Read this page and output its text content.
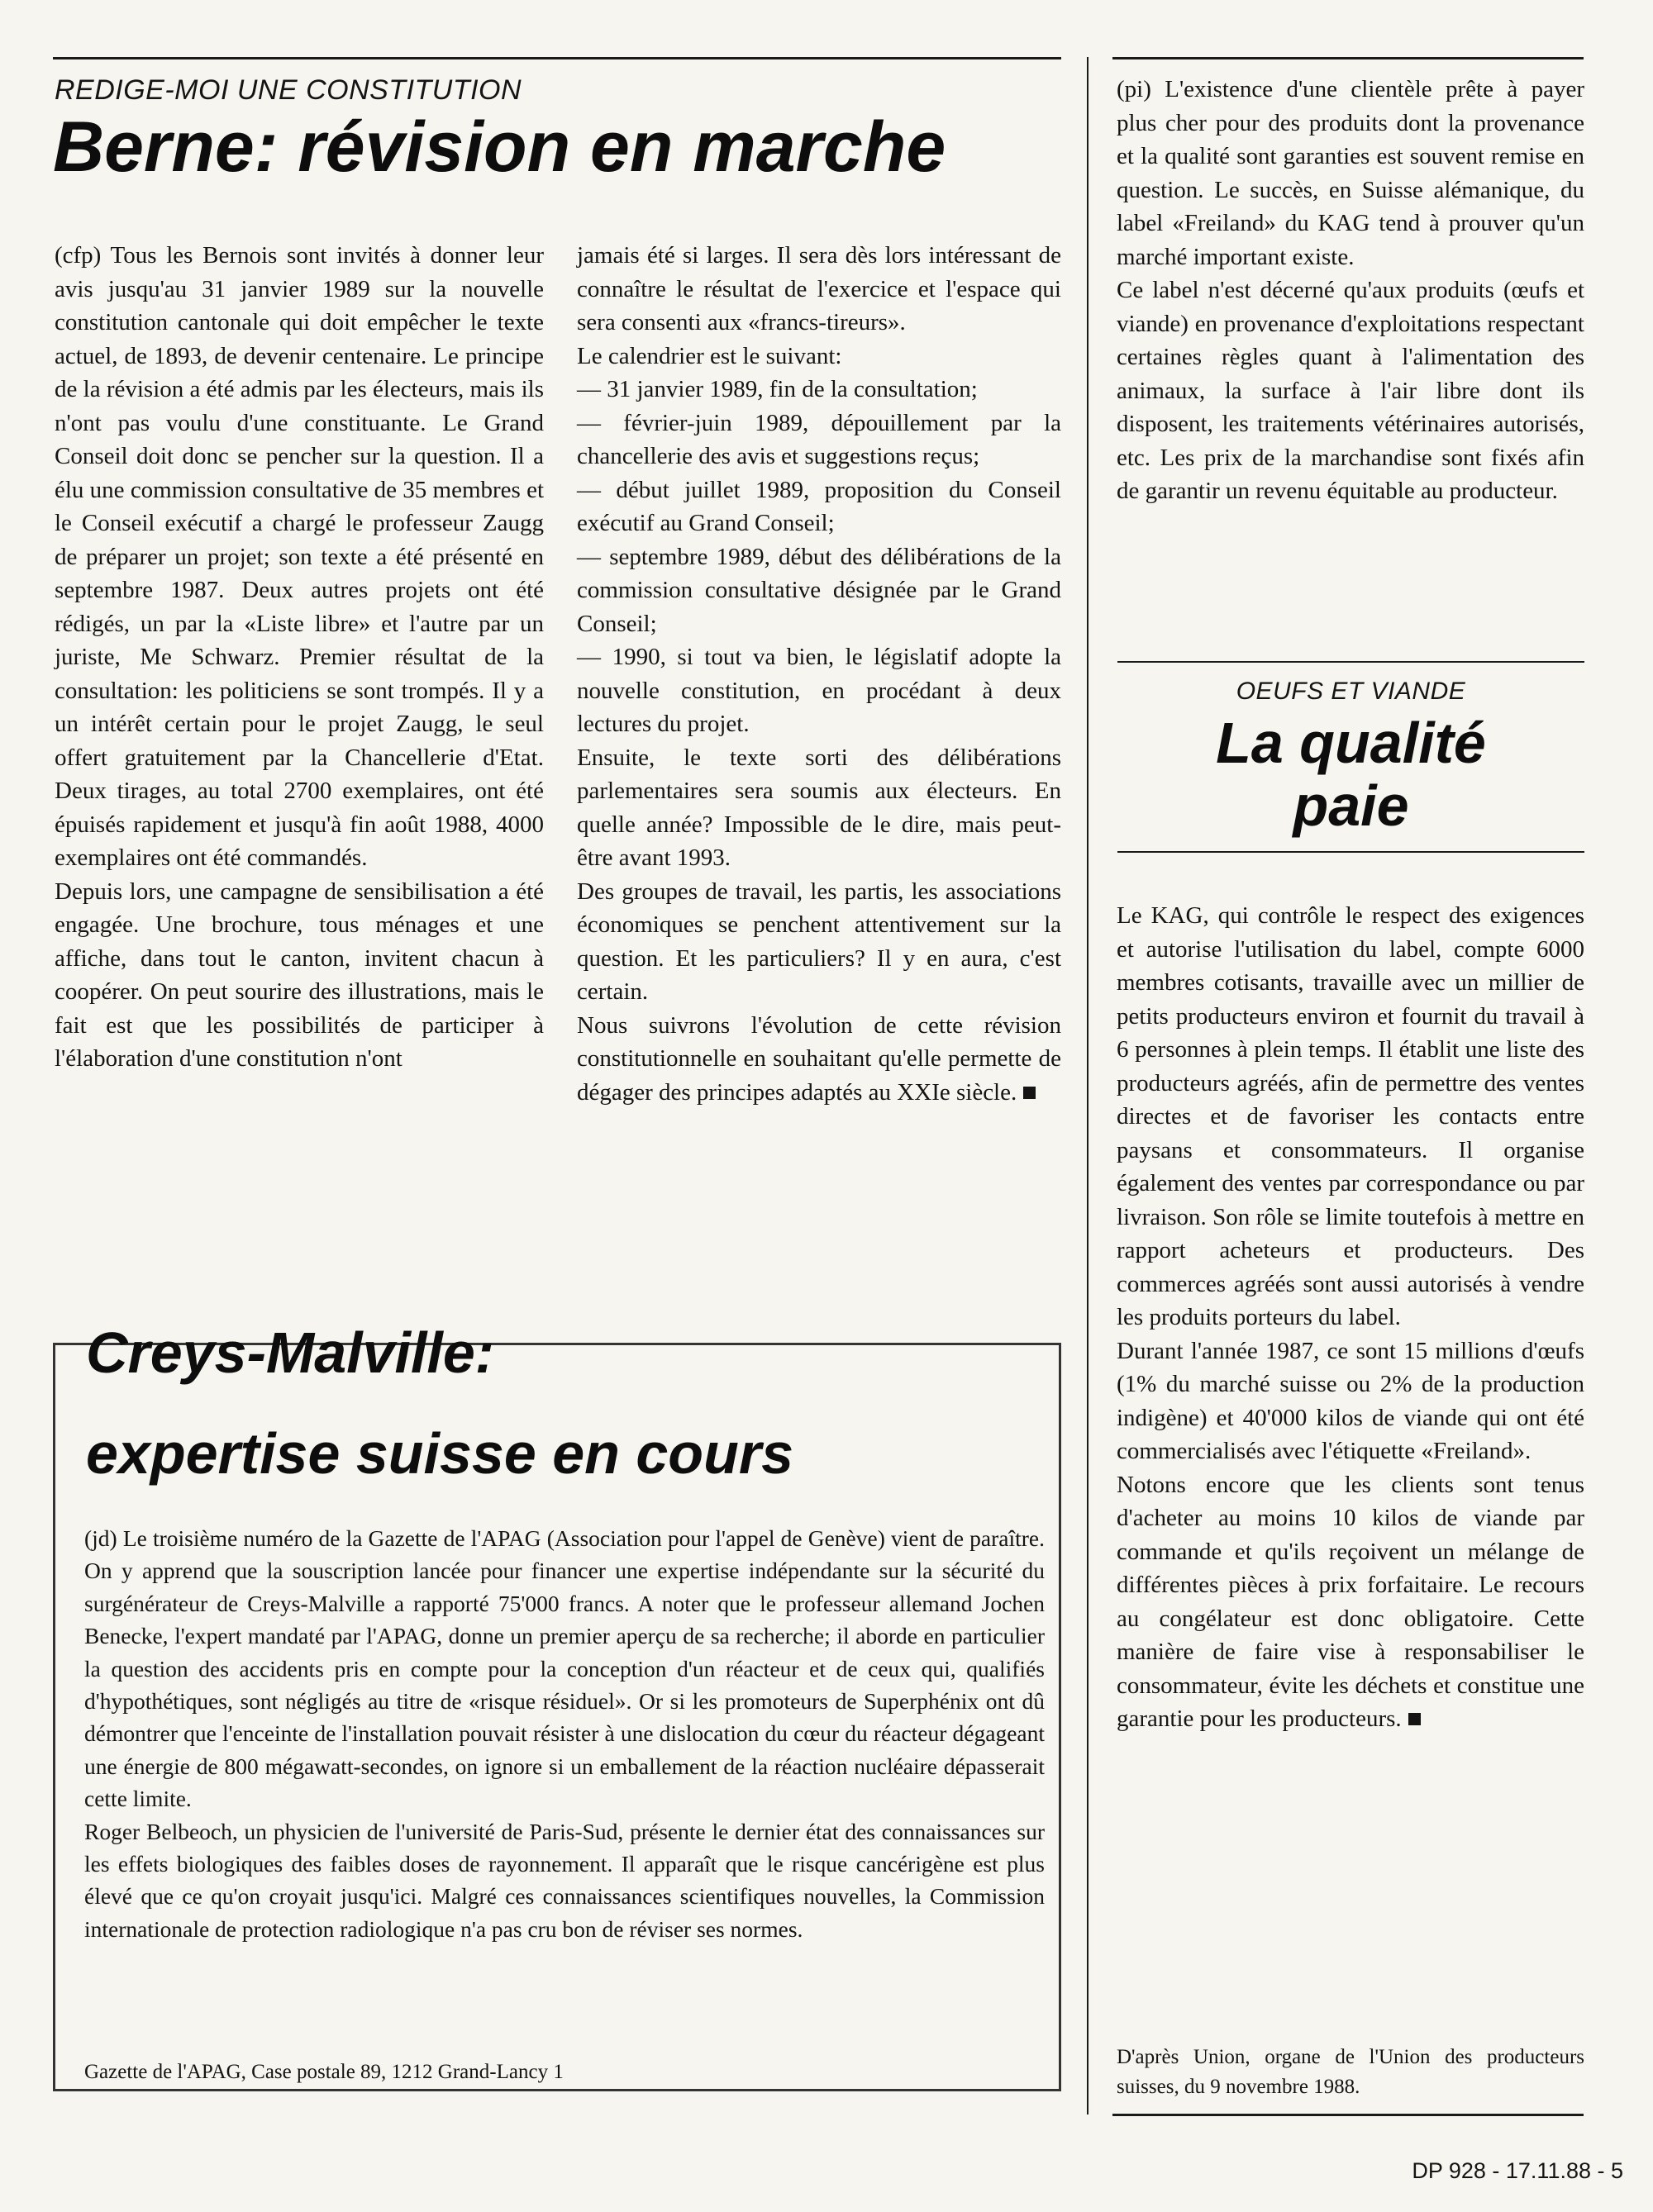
REDIGE-MOI UNE CONSTITUTION
Berne: révision en marche

(cfp) Tous les Bernois sont invités à donner leur avis jusqu'au 31 janvier 1989 sur la nouvelle constitution cantonale qui doit empêcher le texte actuel, de 1893, de devenir centenaire. Le principe de la révision a été admis par les électeurs, mais ils n'ont pas voulu d'une constituante. Le Grand Conseil doit donc se pencher sur la question. Il a élu une commission consultative de 35 membres et le Conseil exécutif a chargé le professeur Zaugg de préparer un projet; son texte a été présenté en septembre 1987. Deux autres projets ont été rédigés, un par la «Liste libre» et l'autre par un juriste, Me Schwarz. Premier résultat de la consultation: les politiciens se sont trompés. Il y a un intérêt certain pour le projet Zaugg, le seul offert gratuitement par la Chancellerie d'Etat. Deux tirages, au total 2700 exemplaires, ont été épuisés rapidement et jusqu'à fin août 1988, 4000 exemplaires ont été commandés.

Depuis lors, une campagne de sensibilisation a été engagée. Une brochure, tous ménages et une affiche, dans tout le canton, invitent chacun à coopérer. On peut sourire des illustrations, mais le fait est que les possibilités de participer à l'élaboration d'une constitution n'ont

jamais été si larges. Il sera dès lors intéressant de connaître le résultat de l'exercice et l'espace qui sera consenti aux «francs-tireurs».

Le calendrier est le suivant:

— 31 janvier 1989, fin de la consultation;

— février-juin 1989, dépouillement par la chancellerie des avis et suggestions reçus;

— début juillet 1989, proposition du Conseil exécutif au Grand Conseil;

— septembre 1989, début des délibérations de la commission consultative désignée par le Grand Conseil;

— 1990, si tout va bien, le législatif adopte la nouvelle constitution, en procédant à deux lectures du projet.

Ensuite, le texte sorti des délibérations parlementaires sera soumis aux électeurs. En quelle année? Impossible de le dire, mais peut-être avant 1993.

Des groupes de travail, les partis, les associations économiques se penchent attentivement sur la question. Et les particuliers? Il y en aura, c'est certain.

Nous suivrons l'évolution de cette révision constitutionnelle en souhaitant qu'elle permette de dégager des principes adaptés au XXIe siècle.

Creys-Malville:
expertise suisse en cours

(jd) Le troisième numéro de la Gazette de l'APAG (Association pour l'appel de Genève) vient de paraître. On y apprend que la souscription lancée pour financer une expertise indépendante sur la sécurité du surgénérateur de Creys-Malville a rapporté 75'000 francs. A noter que le professeur allemand Jochen Benecke, l'expert mandaté par l'APAG, donne un premier aperçu de sa recherche; il aborde en particulier la question des accidents pris en compte pour la conception d'un réacteur et de ceux qui, qualifiés d'hypothétiques, sont négligés au titre de «risque résiduel». Or si les promoteurs de Superphénix ont dû démontrer que l'enceinte de l'installation pouvait résister à une dislocation du cœur du réacteur dégageant une énergie de 800 mégawatt-secondes, on ignore si un emballement de la réaction nucléaire dépasserait cette limite.

Roger Belbeoch, un physicien de l'université de Paris-Sud, présente le dernier état des connaissances sur les effets biologiques des faibles doses de rayonnement. Il apparaît que le risque cancérigène est plus élevé que ce qu'on croyait jusqu'ici. Malgré ces connaissances scientifiques nouvelles, la Commission internationale de protection radiologique n'a pas cru bon de réviser ses normes.

Gazette de l'APAG, Case postale 89, 1212 Grand-Lancy 1

(pi) L'existence d'une clientèle prête à payer plus cher pour des produits dont la provenance et la qualité sont garanties est souvent remise en question. Le succès, en Suisse alémanique, du label «Freiland» du KAG tend à prouver qu'un marché important existe.

Ce label n'est décerné qu'aux produits (œufs et viande) en provenance d'exploitations respectant certaines règles quant à l'alimentation des animaux, la surface à l'air libre dont ils disposent, les traitements vétérinaires autorisés, etc. Les prix de la marchandise sont fixés afin de garantir un revenu équitable au producteur.

OEUFS ET VIANDE
La qualité
paie

Le KAG, qui contrôle le respect des exigences et autorise l'utilisation du label, compte 6000 membres cotisants, travaille avec un millier de petits producteurs environ et fournit du travail à 6 personnes à plein temps. Il établit une liste des producteurs agréés, afin de permettre des ventes directes et de favoriser les contacts entre paysans et consommateurs. Il organise également des ventes par correspondance ou par livraison. Son rôle se limite toutefois à mettre en rapport acheteurs et producteurs. Des commerces agréés sont aussi autorisés à vendre les produits porteurs du label.

Durant l'année 1987, ce sont 15 millions d'œufs (1% du marché suisse ou 2% de la production indigène) et 40'000 kilos de viande qui ont été commercialisés avec l'étiquette «Freiland».

Notons encore que les clients sont tenus d'acheter au moins 10 kilos de viande par commande et qu'ils reçoivent un mélange de différentes pièces à prix forfaitaire. Le recours au congélateur est donc obligatoire. Cette manière de faire vise à responsabiliser le consommateur, évite les déchets et constitue une garantie pour les producteurs.

D'après Union, organe de l'Union des producteurs suisses, du 9 novembre 1988.

DP 928 - 17.11.88 - 5
